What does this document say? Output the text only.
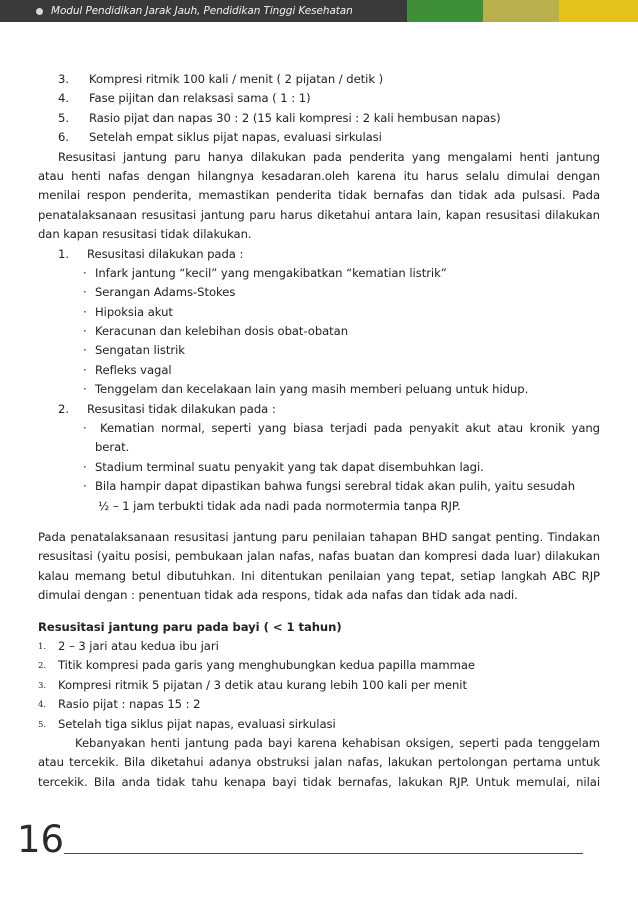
Modul Pendidikan Jarak Jauh, Pendidikan Tinggi Kesehatan
3. Kompresi ritmik 100 kali / menit ( 2 pijatan / detik )
4. Fase pijitan dan relaksasi sama ( 1 : 1)
5. Rasio pijat dan napas 30 : 2 (15 kali kompresi : 2 kali hembusan napas)
6. Setelah empat siklus pijat napas, evaluasi sirkulasi
Resusitasi jantung paru hanya dilakukan pada penderita yang mengalami henti jantung
atau henti nafas dengan hilangnya kesadaran.oleh karena itu harus selalu dimulai dengan
menilai respon penderita, memastikan penderita tidak bernafas dan tidak ada pulsasi. Pada
penatalaksanaan resusitasi jantung paru harus diketahui antara lain, kapan resusitasi dilakukan
dan kapan resusitasi tidak dilakukan.
1. Resusitasi dilakukan pada :
· Infark jantung “kecil” yang mengakibatkan “kematian listrik”
· Serangan Adams-Stokes
· Hipoksia akut
· Keracunan dan kelebihan dosis obat-obatan
· Sengatan listrik
· Refleks vagal
· Tenggelam dan kecelakaan lain yang masih memberi peluang untuk hidup.
2. Resusitasi tidak dilakukan pada :
· Kematian normal, seperti yang biasa terjadi pada penyakit akut atau kronik yang
berat.
· Stadium terminal suatu penyakit yang tak dapat disembuhkan lagi.
· Bila hampir dapat dipastikan bahwa fungsi serebral tidak akan pulih, yaitu sesudah
½ – 1 jam terbukti tidak ada nadi pada normotermia tanpa RJP.
Pada penatalaksanaan resusitasi jantung paru penilaian tahapan BHD sangat penting. Tindakan
resusitasi (yaitu posisi, pembukaan jalan nafas, nafas buatan dan kompresi dada luar) dilakukan
kalau memang betul dibutuhkan. Ini ditentukan penilaian yang tepat, setiap langkah ABC RJP
dimulai dengan : penentuan tidak ada respons, tidak ada nafas dan tidak ada nadi.
Resusitasi jantung paru pada bayi ( < 1 tahun)
1. 2 – 3 jari atau kedua ibu jari
2. Titik kompresi pada garis yang menghubungkan kedua papilla mammae
3. Kompresi ritmik 5 pijatan / 3 detik atau kurang lebih 100 kali per menit
4. Rasio pijat : napas 15 : 2
5. Setelah tiga siklus pijat napas, evaluasi sirkulasi
Kebanyakan henti jantung pada bayi karena kehabisan oksigen, seperti pada tenggelam
atau tercekik. Bila diketahui adanya obstruksi jalan nafas, lakukan pertolongan pertama untuk
tercekik. Bila anda tidak tahu kenapa bayi tidak bernafas, lakukan RJP. Untuk memulai, nilai
16
